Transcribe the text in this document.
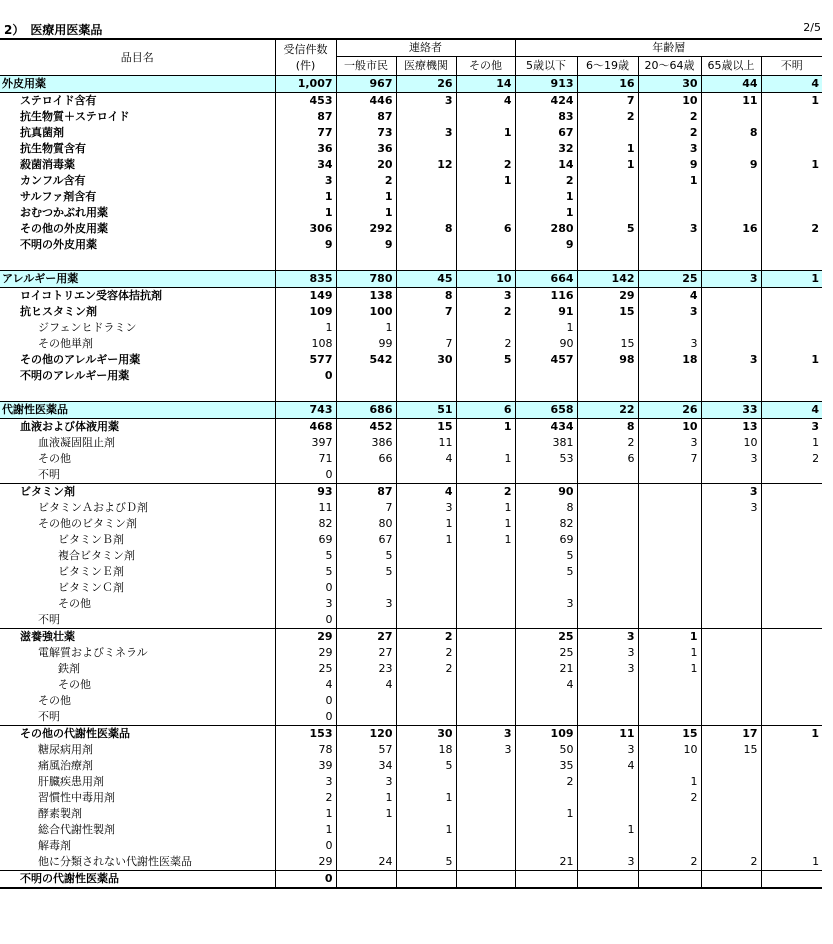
2）　医療用医薬品	2/5
品目名	受信件数
(件)	連絡者			年齢層				
		一般市民	医療機関	その他	5歳以下	6～19歳	20～64歳	65歳以上	不明
外皮用薬	1,007	967	26	14	913	16	30	44	4
ステロイド含有	453	446	3	4	424	7	10	11	1
抗生物質＋ステロイド	87	87			83	2	2		
抗真菌剤	77	73	3	1	67		2	8	
抗生物質含有	36	36			32	1	3		
殺菌消毒薬	34	20	12	2	14	1	9	9	1
カンフル含有	3	2		1	2		1		
サルファ剤含有	1	1			1				
おむつかぶれ用薬	1	1			1				
その他の外皮用薬	306	292	8	6	280	5	3	16	2
不明の外皮用薬	9	9			9				

アレルギー用薬	835	780	45	10	664	142	25	3	1
ロイコトリエン受容体拮抗剤	149	138	8	3	116	29	4		
抗ヒスタミン剤	109	100	7	2	91	15	3		
ジフェンヒドラミン	1	1			1				
その他単剤	108	99	7	2	90	15	3		
その他のアレルギー用薬	577	542	30	5	457	98	18	3	1
不明のアレルギー用薬	0								

代謝性医薬品	743	686	51	6	658	22	26	33	4
血液および体液用薬	468	452	15	1	434	8	10	13	3
血液凝固阻止剤	397	386	11		381	2	3	10	1
その他	71	66	4	1	53	6	7	3	2
不明	0								
ビタミン剤	93	87	4	2	90			3	
ビタミンＡおよびＤ剤	11	7	3	1	8			3	
その他のビタミン剤	82	80	1	1	82				
ビタミンＢ剤	69	67	1	1	69				
複合ビタミン剤	5	5			5				
ビタミンＥ剤	5	5			5				
ビタミンＣ剤	0								
その他	3	3			3				
不明	0								
滋養強壮薬	29	27	2		25	3	1		
電解質およびミネラル	29	27	2		25	3	1		
鉄剤	25	23	2		21	3	1		
その他	4	4			4				
その他	0								
不明	0								
その他の代謝性医薬品	153	120	30	3	109	11	15	17	1
糖尿病用剤	78	57	18	3	50	3	10	15	
痛風治療剤	39	34	5		35	4			
肝臓疾患用剤	3	3			2		1		
習慣性中毒用剤	2	1	1				2		
酵素製剤	1	1			1				
総合代謝性製剤	1		1			1			
解毒剤	0								
他に分類されない代謝性医薬品	29	24	5		21	3	2	2	1
不明の代謝性医薬品	0								
